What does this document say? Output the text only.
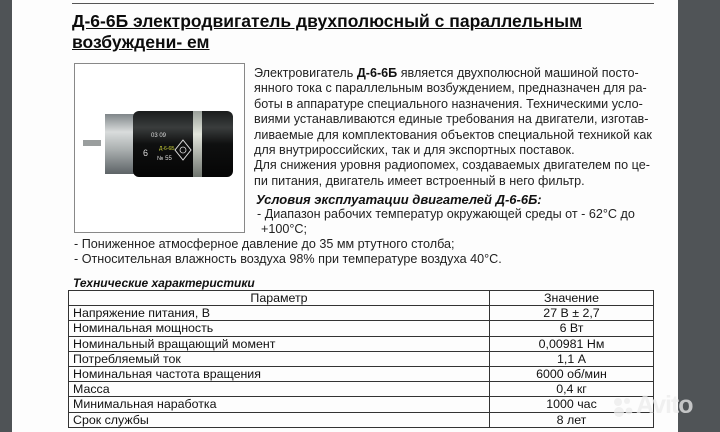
Д-6-6Б электродвигатель двухполюсный с параллельным возбуждени- ем
03 09
6 Д-6-6Б
№ 55
Электровигатель Д-6-6Б является двухполюсной машиной посто-янного тока с параллельным возбуждением, предназначен для ра-боты в аппаратуре специального назначения. Техническими усло-виями устанавливаются единые требования на двигатели, изготав-ливаемые для комплектования объектов специальной техникой как для внутрироссийских, так и для экспортных поставок.
Для снижения уровня радиопомех, создаваемых двигателем по це-пи питания, двигатель имеет встроенный в него фильтр.
Условия эксплуатации двигателей Д-6-6Б:
- Диапазон рабочих температур окружающей среды от - 62°С до
+100°С;
- Пониженное атмосферное давление до 35 мм ртутного столба;
- Относительная влажность воздуха 98% при температуре воздуха 40°С.
Технические характеристики
Параметр	Значение
Напряжение питания, В	27 В ± 2,7
Номинальная мощность	6 Вт
Номинальный вращающий момент	0,00981 Нм
Потребляемый ток	1,1 А
Номинальная частота вращения	6000 об/мин
Масса	0,4 кг
Минимальная наработка	1000 час
Срок службы	8 лет
Avito
